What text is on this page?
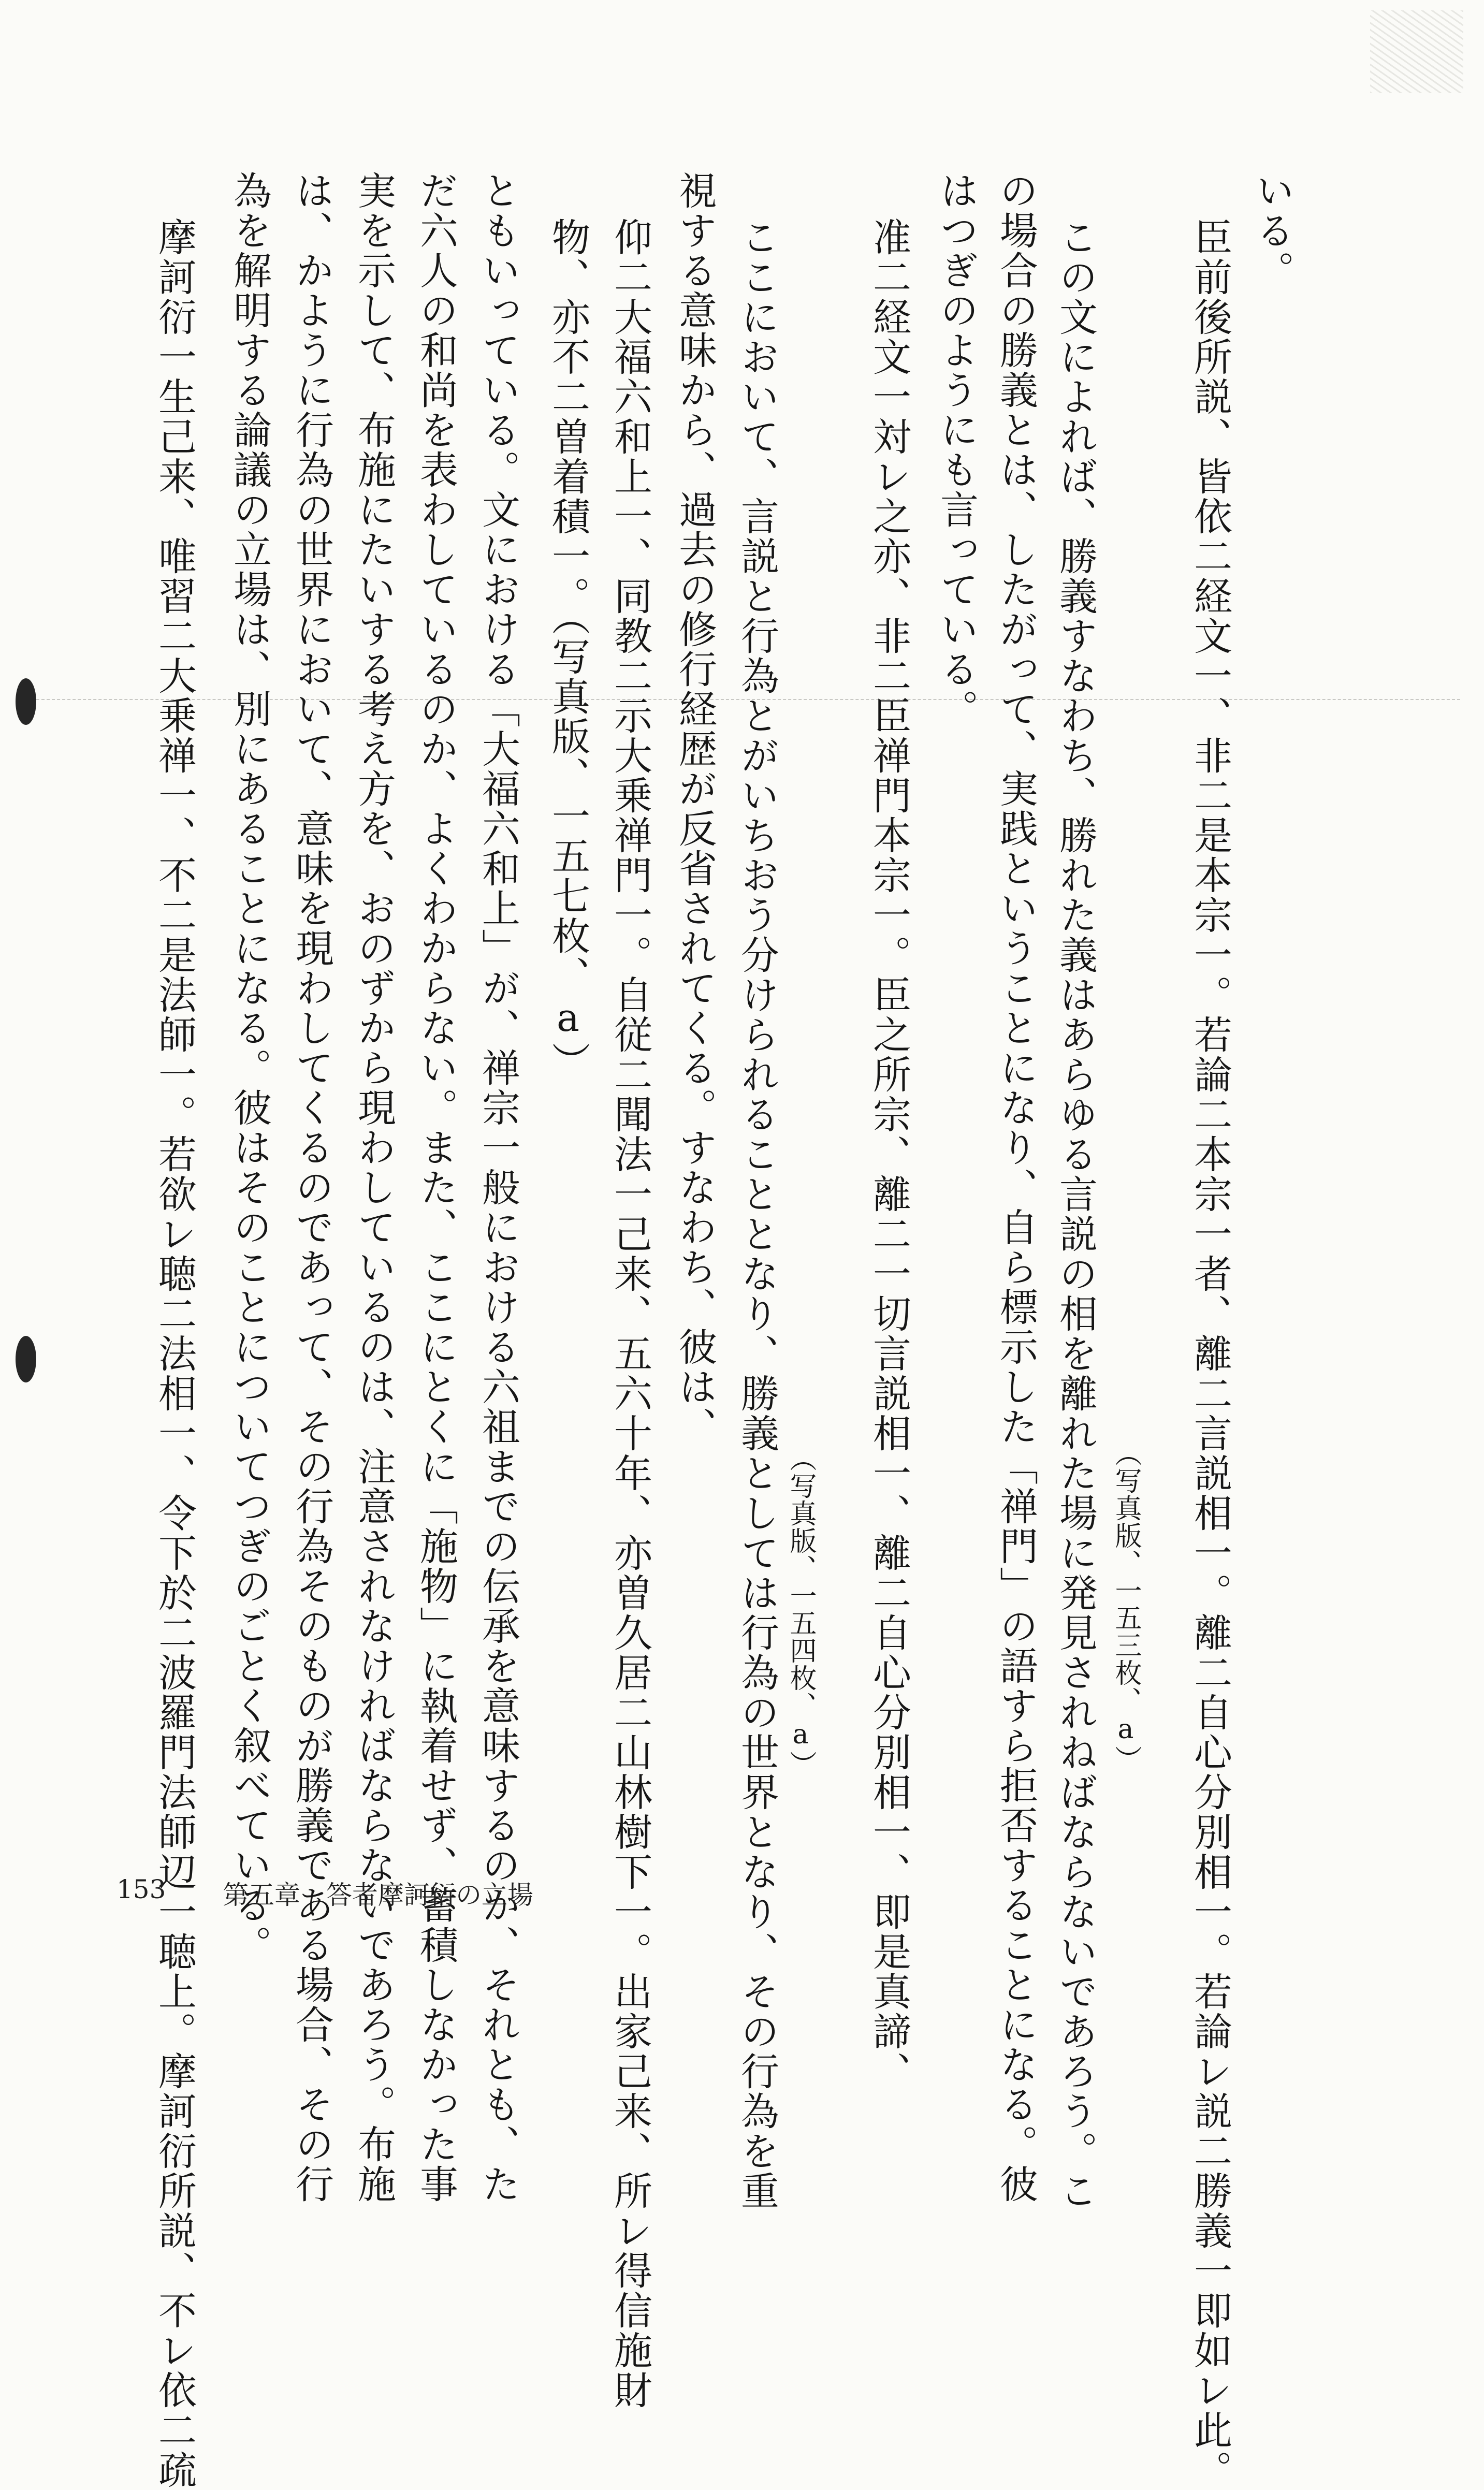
いる。
臣前後所説、皆依二経文一、非二是本宗一。若論二本宗一者、離二言説相一。離二自心分別相一。若論レ説二勝義一即如レ此。
（写真版、一五三枚、a）
この文によれば、勝義すなわち、勝れた義はあらゆる言説の相を離れた場に発見されねばならないであろう。こ
の場合の勝義とは、したがって、実践ということになり、自ら標示した「禅門」の語すら拒否することになる。彼
はつぎのようにも言っている。
准二経文一対レ之亦、非二臣禅門本宗一。臣之所宗、離二一切言説相一、離二自心分別相一、即是真諦、
（写真版、一五四枚、a）
ここにおいて、言説と行為とがいちおう分けられることとなり、勝義としては行為の世界となり、その行為を重
視する意味から、過去の修行経歴が反省されてくる。すなわち、彼は、
仰二大福六和上一、同教二示大乗禅門一。自従二聞法一己来、五六十年、亦曽久居二山林樹下一。出家己来、所レ得信施財
物、亦不二曽着積一。（写真版、一五七枚、a）
ともいっている。文における「大福六和上」が、禅宗一般における六祖までの伝承を意味するのか、それとも、た
だ六人の和尚を表わしているのか、よくわからない。また、ここにとくに「施物」に執着せず、蓄積しなかった事
実を示して、布施にたいする考え方を、おのずから現わしているのは、注意されなければならないであろう。布施
は、かように行為の世界において、意味を現わしてくるのであって、その行為そのものが勝義である場合、その行
為を解明する論議の立場は、別にあることになる。彼はそのことについてつぎのごとく叙べている。
摩訶衍一生己来、唯習二大乗禅一、不二是法師一。若欲レ聴二法相一、令下於二波羅門法師辺一聴上。摩訶衍所説、不レ依二疏
153 第五章　答者摩訶衍の立場
